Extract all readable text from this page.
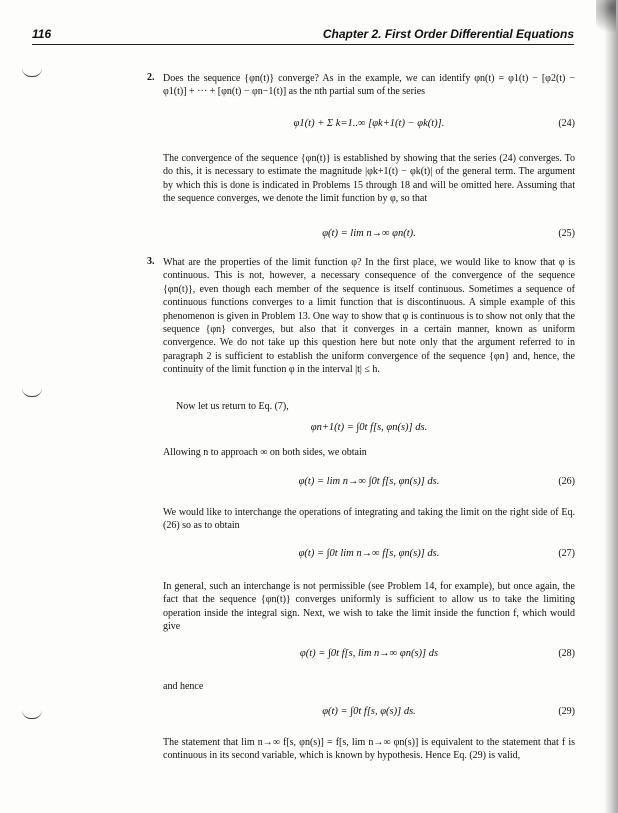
116	Chapter 2. First Order Differential Equations
2. Does the sequence {φn(t)} converge? As in the example, we can identify φn(t) = φ1(t) − [φ2(t) − φ1(t)] + ··· + [φn(t) − φn−1(t)] as the nth partial sum of the series
φ1(t) + Σ k=1..∞ [φk+1(t) − φk(t)].	(24)
The convergence of the sequence {φn(t)} is established by showing that the series (24) converges. To do this, it is necessary to estimate the magnitude |φk+1(t) − φk(t)| of the general term. The argument by which this is done is indicated in Problems 15 through 18 and will be omitted here. Assuming that the sequence converges, we denote the limit function by φ, so that
φ(t) = lim n→∞ φn(t).	(25)
3. What are the properties of the limit function φ? In the first place, we would like to know that φ is continuous. This is not, however, a necessary consequence of the convergence of the sequence {φn(t)}, even though each member of the sequence is itself continuous. Sometimes a sequence of continuous functions converges to a limit function that is discontinuous. A simple example of this phenomenon is given in Problem 13. One way to show that φ is continuous is to show not only that the sequence {φn} converges, but also that it converges in a certain manner, known as uniform convergence. We do not take up this question here but note only that the argument referred to in paragraph 2 is sufficient to establish the uniform convergence of the sequence {φn} and, hence, the continuity of the limit function φ in the interval |t| ≤ h.
Now let us return to Eq. (7),
φn+1(t) = ∫0t f[s, φn(s)] ds.
Allowing n to approach ∞ on both sides, we obtain
φ(t) = lim n→∞ ∫0t f[s, φn(s)] ds.	(26)
We would like to interchange the operations of integrating and taking the limit on the right side of Eq. (26) so as to obtain
φ(t) = ∫0t lim n→∞ f[s, φn(s)] ds.	(27)
In general, such an interchange is not permissible (see Problem 14, for example), but once again, the fact that the sequence {φn(t)} converges uniformly is sufficient to allow us to take the limiting operation inside the integral sign. Next, we wish to take the limit inside the function f, which would give
φ(t) = ∫0t f[s, lim n→∞ φn(s)] ds	(28)
and hence
φ(t) = ∫0t f[s, φ(s)] ds.	(29)
The statement that lim n→∞ f[s, φn(s)] = f[s, lim n→∞ φn(s)] is equivalent to the statement that f is continuous in its second variable, which is known by hypothesis. Hence Eq. (29) is valid,
